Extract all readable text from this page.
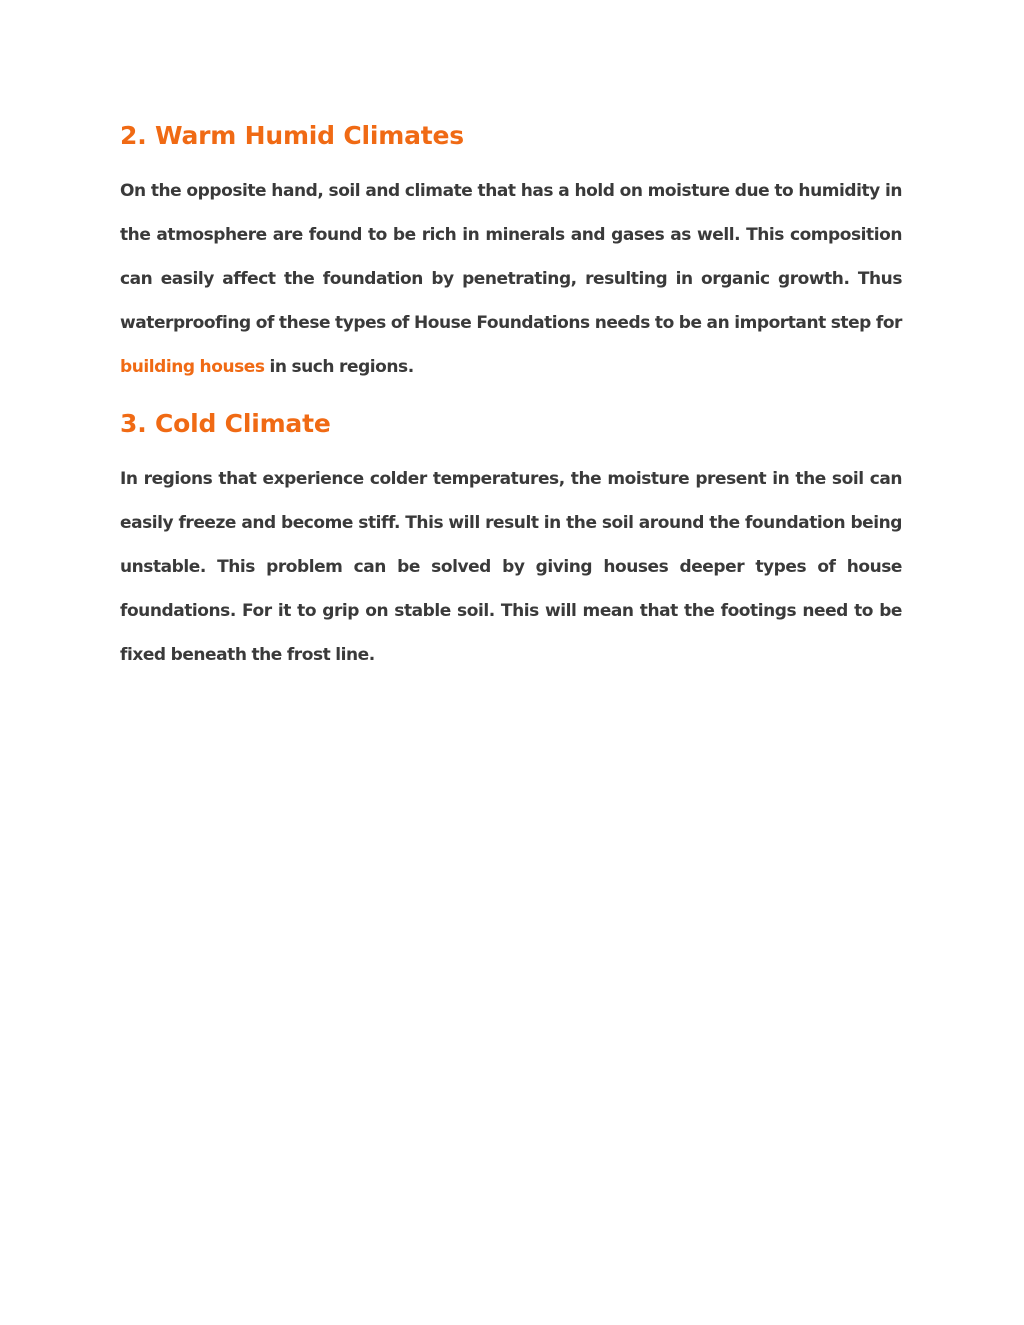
2. Warm Humid Climates

On the opposite hand, soil and climate that has a hold on moisture due to humidity in the atmosphere are found to be rich in minerals and gases as well. This composition can easily affect the foundation by penetrating, resulting in organic growth. Thus waterproofing of these types of House Foundations needs to be an important step for building houses in such regions.

3. Cold Climate

In regions that experience colder temperatures, the moisture present in the soil can easily freeze and become stiff. This will result in the soil around the foundation being unstable. This problem can be solved by giving houses deeper types of house foundations. For it to grip on stable soil. This will mean that the footings need to be fixed beneath the frost line.
